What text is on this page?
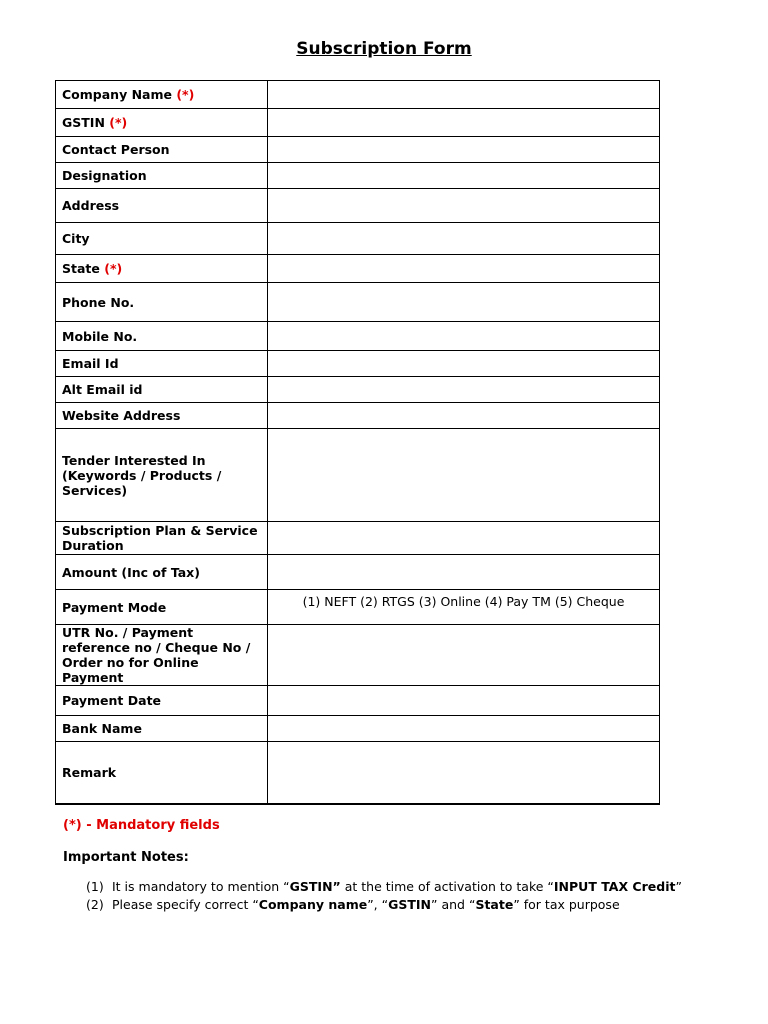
Subscription Form
Company Name (*)	
GSTIN (*)	
Contact Person	
Designation	
Address	
City	
State (*)	
Phone No.	
Mobile No.	
Email Id	
Alt Email id	
Website Address	
Tender Interested In (Keywords / Products / Services)	
Subscription Plan & Service Duration	
Amount (Inc of Tax)	
Payment Mode	(1) NEFT (2) RTGS (3) Online (4) Pay TM (5) Cheque

UTR No. / Payment reference no / Cheque No / Order no for Online Payment	
Payment Date	
Bank Name	
Remark	
(*) - Mandatory fields
Important Notes:
(1) It is mandatory to mention “GSTIN” at the time of activation to take “INPUT TAX Credit”
(2) Please specify correct “Company name”, “GSTIN” and “State” for tax purpose
